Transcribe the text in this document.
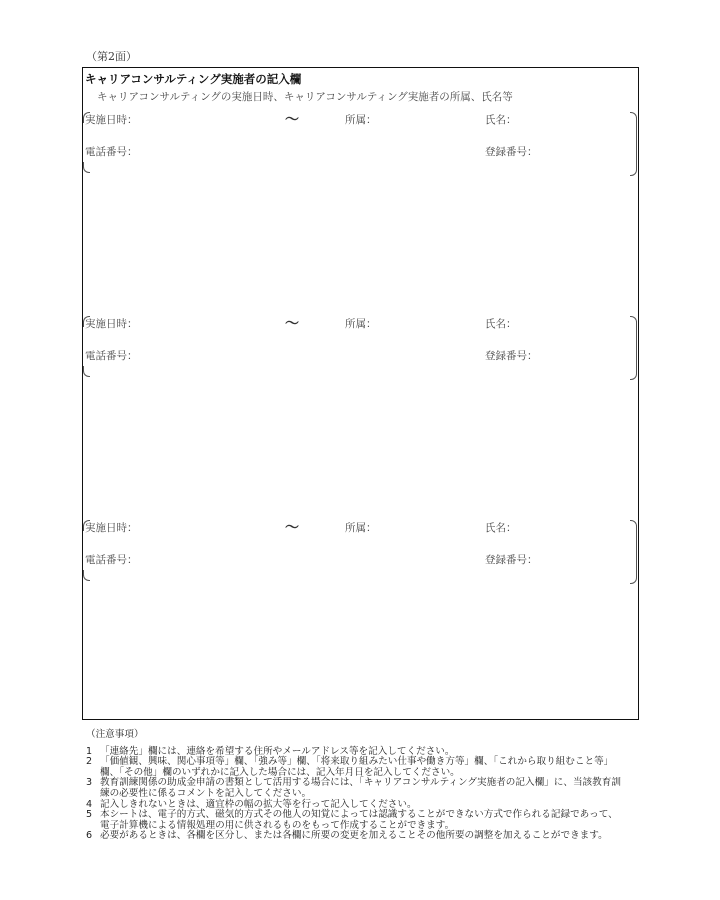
（第2面）
キャリアコンサルティング実施者の記入欄
キャリアコンサルティングの実施日時、キャリアコンサルティング実施者の所属、氏名等
実施日時：	～	所属：	氏名：
電話番号：	登録番号：
実施日時：	～	所属：	氏名：
電話番号：	登録番号：
実施日時：	～	所属：	氏名：
電話番号：	登録番号：
（注意事項）
1 「連絡先」欄には、連絡を希望する住所やメールアドレス等を記入してください。
2 「価値観、興味、関心事項等」欄、「強み等」欄、「将来取り組みたい仕事や働き方等」欄、「これから取り組むこと等」欄、「その他」欄のいずれかに記入した場合には、記入年月日を記入してください。
3 教育訓練関係の助成金申請の書類として活用する場合には、「キャリアコンサルティング実施者の記入欄」に、当該教育訓練の必要性に係るコメントを記入してください。
4 記入しきれないときは、適宜枠の幅の拡大等を行って記入してください。
5 本シートは、電子的方式、磁気的方式その他人の知覚によっては認識することができない方式で作られる記録であって、電子計算機による情報処理の用に供されるものをもって作成することができます。
6 必要があるときは、各欄を区分し、または各欄に所要の変更を加えることその他所要の調整を加えることができます。
